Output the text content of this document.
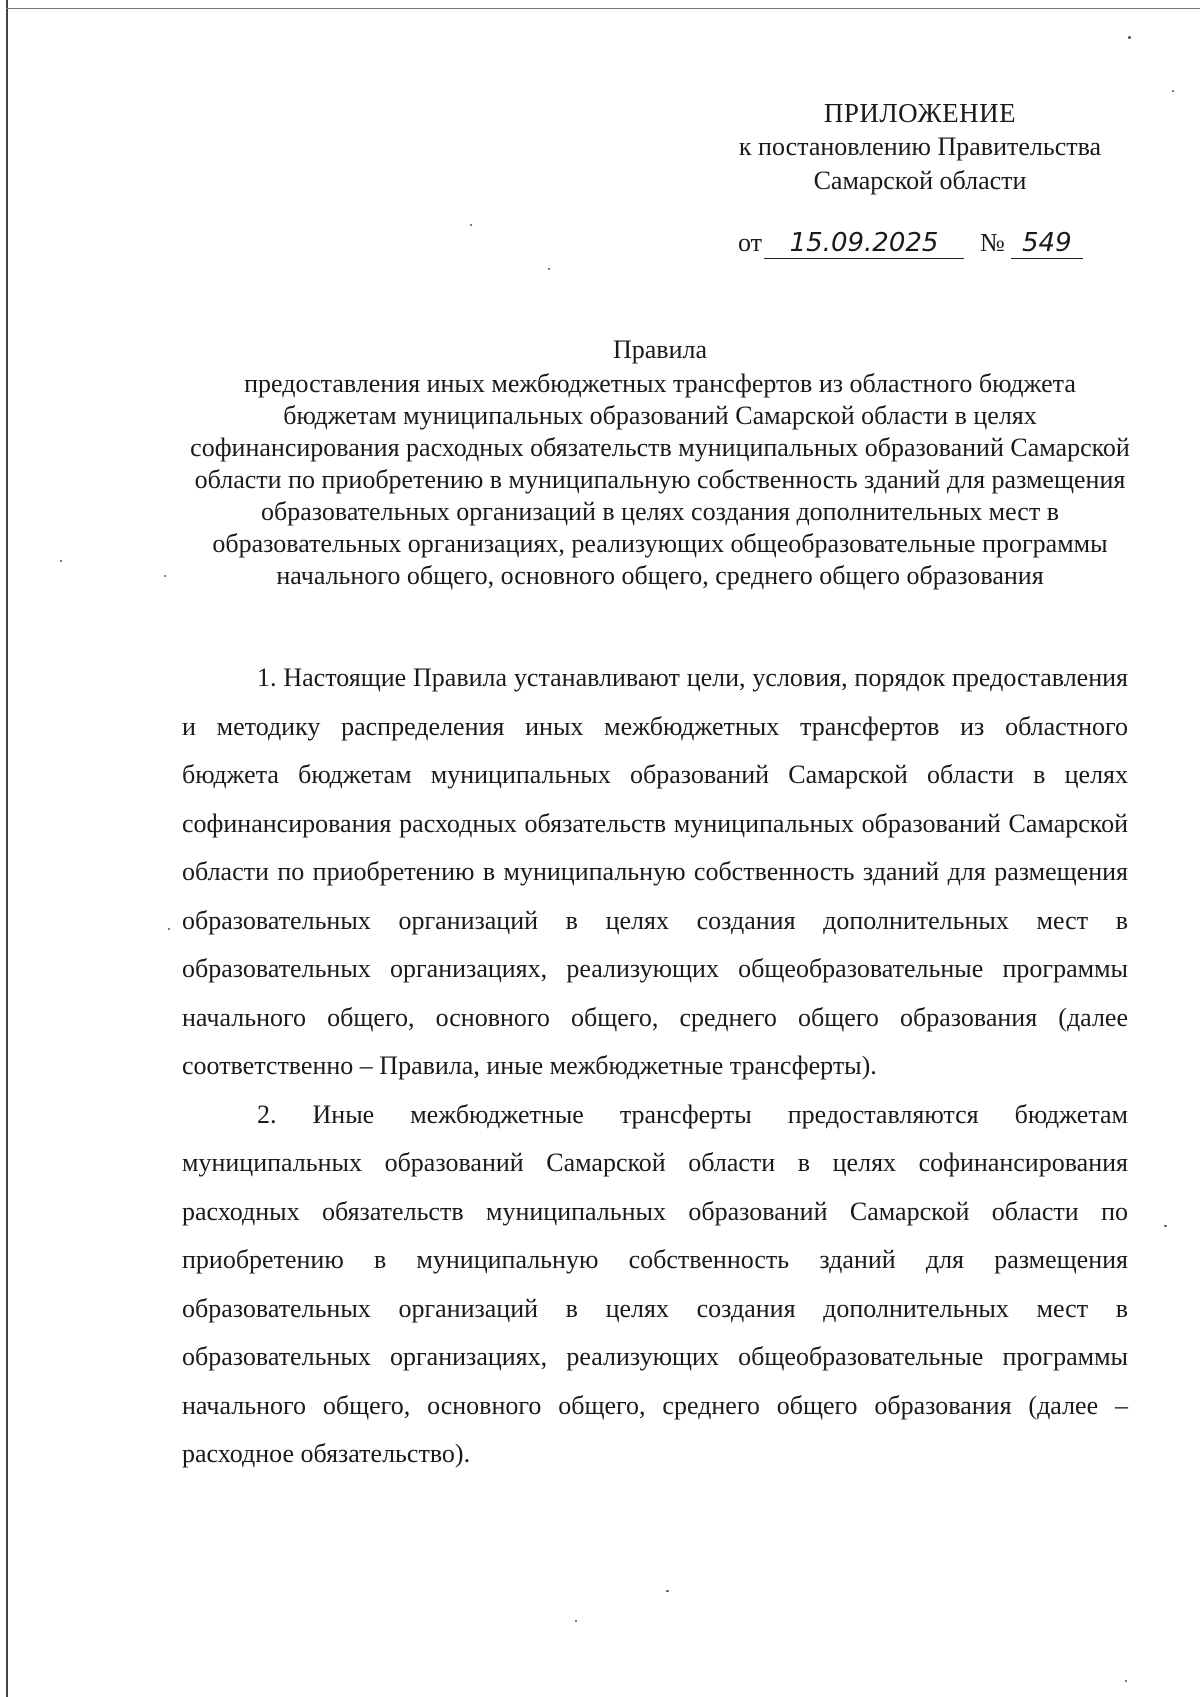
ПРИЛОЖЕНИЕ
к постановлению Правительства
Самарской области
от 15.09.2025 № 549
Правила
предоставления иных межбюджетных трансфертов из областного бюджета бюджетам муниципальных образований Самарской области в целях софинансирования расходных обязательств муниципальных образований Самарской области по приобретению в муниципальную собственность зданий для размещения образовательных организаций в целях создания дополнительных мест в образовательных организациях, реализующих общеобразовательные программы начального общего, основного общего, среднего общего образования

1. Настоящие Правила устанавливают цели, условия, порядок предоставления и методику распределения иных межбюджетных трансфертов из областного бюджета бюджетам муниципальных образований Самарской области в целях софинансирования расходных обязательств муниципальных образований Самарской области по приобретению в муниципальную собственность зданий для размещения образовательных организаций в целях создания дополнительных мест в образовательных организациях, реализующих общеобразовательные программы начального общего, основного общего, среднего общего образования (далее соответственно – Правила, иные межбюджетные трансферты).

2. Иные межбюджетные трансферты предоставляются бюджетам муниципальных образований Самарской области в целях софинансирования расходных обязательств муниципальных образований Самарской области по приобретению в муниципальную собственность зданий для размещения образовательных организаций в целях создания дополнительных мест в образовательных организациях, реализующих общеобразовательные программы начального общего, основного общего, среднего общего образования (далее – расходное обязательство).
